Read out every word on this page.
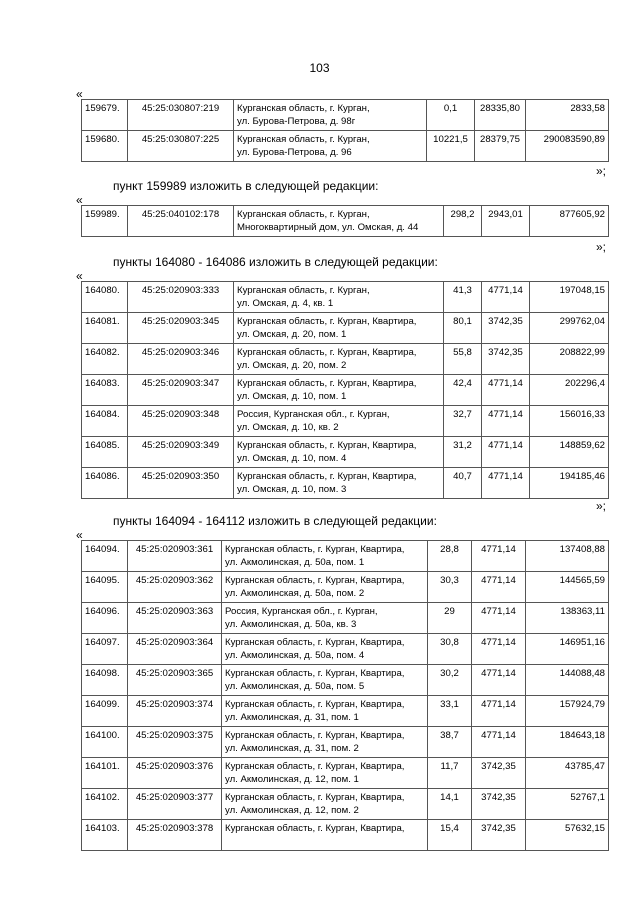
103
«
159679.	45:25:030807:219	Курганская область, г. Курган,
ул. Бурова-Петрова, д. 98г	0,1	28335,80	2833,58
159680.	45:25:030807:225	Курганская область, г. Курган,
ул. Бурова-Петрова, д. 96	10221,5	28379,75	290083590,89
»;
пункт 159989 изложить в следующей редакции:
«
159989.	45:25:040102:178	Курганская область, г. Курган,
Многоквартирный дом, ул. Омская, д. 44
	298,2	2943,01	877605,92
»;
пункты 164080 - 164086 изложить в следующей редакции:
«
164080.	45:25:020903:333	Курганская область, г. Курган,
ул. Омская, д. 4, кв. 1	41,3	4771,14	197048,15
164081.	45:25:020903:345	Курганская область, г. Курган, Квартира,
ул. Омская, д. 20, пом. 1	80,1	3742,35	299762,04
164082.	45:25:020903:346	Курганская область, г. Курган, Квартира,
ул. Омская, д. 20, пом. 2	55,8	3742,35	208822,99
164083.	45:25:020903:347	Курганская область, г. Курган, Квартира,
ул. Омская, д. 10, пом. 1	42,4	4771,14	202296,4
164084.	45:25:020903:348	Россия, Курганская обл., г. Курган,
ул. Омская, д. 10, кв. 2	32,7	4771,14	156016,33
164085.	45:25:020903:349	Курганская область, г. Курган, Квартира,
ул. Омская, д. 10, пом. 4	31,2	4771,14	148859,62
164086.	45:25:020903:350	Курганская область, г. Курган, Квартира,
ул. Омская, д. 10, пом. 3	40,7	4771,14	194185,46
»;
пункты 164094 - 164112 изложить в следующей редакции:
«
164094.	45:25:020903:361	Курганская область, г. Курган, Квартира,
ул. Акмолинская, д. 50а, пом. 1	28,8	4771,14	137408,88
164095.	45:25:020903:362	Курганская область, г. Курган, Квартира,
ул. Акмолинская, д. 50а, пом. 2	30,3	4771,14	144565,59
164096.	45:25:020903:363	Россия, Курганская обл., г. Курган,
ул. Акмолинская, д. 50а, кв. 3	29	4771,14	138363,11
164097.	45:25:020903:364	Курганская область, г. Курган, Квартира,
ул. Акмолинская, д. 50а, пом. 4	30,8	4771,14	146951,16
164098.	45:25:020903:365	Курганская область, г. Курган, Квартира,
ул. Акмолинская, д. 50а, пом. 5	30,2	4771,14	144088,48
164099.	45:25:020903:374	Курганская область, г. Курган, Квартира,
ул. Акмолинская, д. 31, пом. 1	33,1	4771,14	157924,79
164100.	45:25:020903:375	Курганская область, г. Курган, Квартира,
ул. Акмолинская, д. 31, пом. 2	38,7	4771,14	184643,18
164101.	45:25:020903:376	Курганская область, г. Курган, Квартира,
ул. Акмолинская, д. 12, пом. 1	11,7	3742,35	43785,47
164102.	45:25:020903:377	Курганская область, г. Курган, Квартира,
ул. Акмолинская, д. 12, пом. 2	14,1	3742,35	52767,1
164103.	45:25:020903:378	Курганская область, г. Курган, Квартира,	15,4	3742,35	57632,15
